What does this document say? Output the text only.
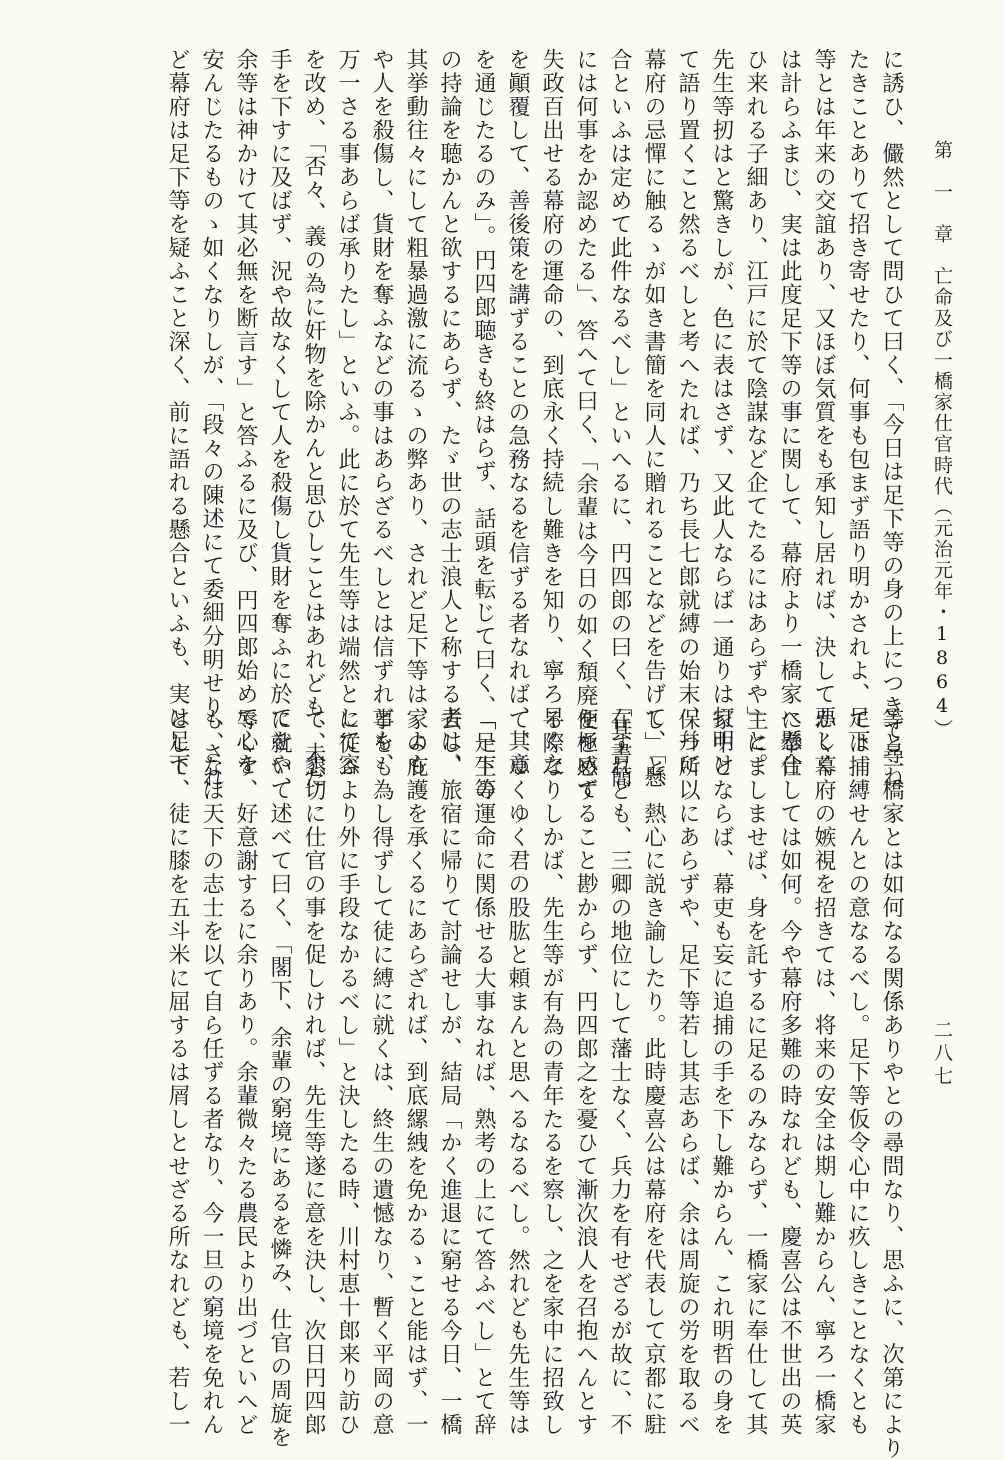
第　一　章　亡命及び一橋家仕官時代（元治元年・1864）
に誘ひ、儼然として問ひて曰く、「今日は足下等の身の上につきて尋ね
たきことありて招き寄せたり、何事も包まず語り明かされよ、足下
等とは年来の交誼あり、又ほぼ気質をも承知し居れば、決して悪しく
は計らふまじ、実は此度足下等の事に関して、幕府より一橋家へ懸合
ひ来れる子細あり、江戸に於て陰謀など企てたるにはあらずや」と。
先生等扨はと驚きしが、色に表はさず、又此人ならば一通りは打明け
て語り置くこと然るべしと考へたれば、乃ち長七郎就縛の始末、幷に
幕府の忌憚に触るゝが如き書簡を同人に贈れることなどを告げて、「懸
合といふは定めて此件なるべし」といへるに、円四郎の曰く、「其書簡
には何事をか認めたる」、答へて曰く、「余輩は今日の如く頽廃を極めて
失政百出せる幕府の運命の、到底永く持続し難きを知り、寧ろ早く之
を顚覆して、善後策を講ずることの急務なるを信ずる者なれば、其意
を通じたるのみ」。円四郎聴きも終はらず、話頭を転じて曰く、「足下等
の持論を聴かんと欲するにあらず、たゞ世の志士浪人と称する者は、
其挙動往々にして粗暴過激に流るゝの弊あり、されど足下等は、よも
や人を殺傷し、貨財を奪ふなどの事はあらざるべしとは信ずれども、
万一さる事あらば承りたし」といふ。此に於て先生等は端然として容
を改め、「否々、義の為に奸物を除かんと思ひしことはあれども、未だ
手を下すに及ばず、況や故なくして人を殺傷し貨財を奪ふに於てをや、
余等は神かけて其必無を断言す」と答ふるに及び、円四郎始めて心を
安んじたるものゝ如くなりしが、「段々の陳述にて委細分明せり、され
ど幕府は足下等を疑ふこと深く、前に語れる懸合といふも、実は足下
等と一橋家とは如何なる関係ありやとの尋問なり、思ふに、次第により
ては捕縛せんとの意なるべし。足下等仮令心中に疚しきことなくとも
かく幕府の嫉視を招きては、将来の安全は期し難からん、寧ろ一橋家
に奉仕しては如何。今や幕府多難の時なれども、慶喜公は不世出の英
主にましませば、身を託するに足るのみならず、一橋家に奉仕して其
家中とならば、幕吏も妄に追捕の手を下し難からん、これ明哲の身を
保つ所以にあらずや、足下等若し其志あらば、余は周旋の労を取るべ
し」と、熱心に説き諭したり。此時慶喜公は幕府を代表して京都に駐
在すれども、三卿の地位にして藩士なく、兵力を有せざるが故に、不
便を感ずること尠からず、円四郎之を憂ひて漸次浪人を召抱へんとす
る際なりしかば、先生等が有為の青年たるを察し、之を家中に招致し
て、ゆくゆく君の股肱と頼まんと思へるなるべし。然れども先生等は
「一生の運命に関係せる大事なれば、熟考の上にて答ふべし」とて辞
去し、旅宿に帰りて討論せしが、結局「かく進退に窮せる今日、一橋
家の庇護を承くるにあらざれば、到底縲絏を免かるゝこと能はず、一
事をも為し得ずして徒に縛に就くは、終生の遺憾なり、暫く平岡の意
に従ふより外に手段なかるべし」と決したる時、川村恵十郎来り訪ひ
て、懇切に仕官の事を促しければ、先生等遂に意を決し、次日円四郎
に就いて述べて曰く、「閣下、余輩の窮境にあるを憐み、仕官の周旋を
辱くす、好意謝するに余りあり。余輩微々たる農民より出づといへど
も、なほ天下の志士を以て自ら任ずる者なり、今一旦の窮境を免れん
として、徒に膝を五斗米に屈するは屑しとせざる所なれども、若し一	二八七
